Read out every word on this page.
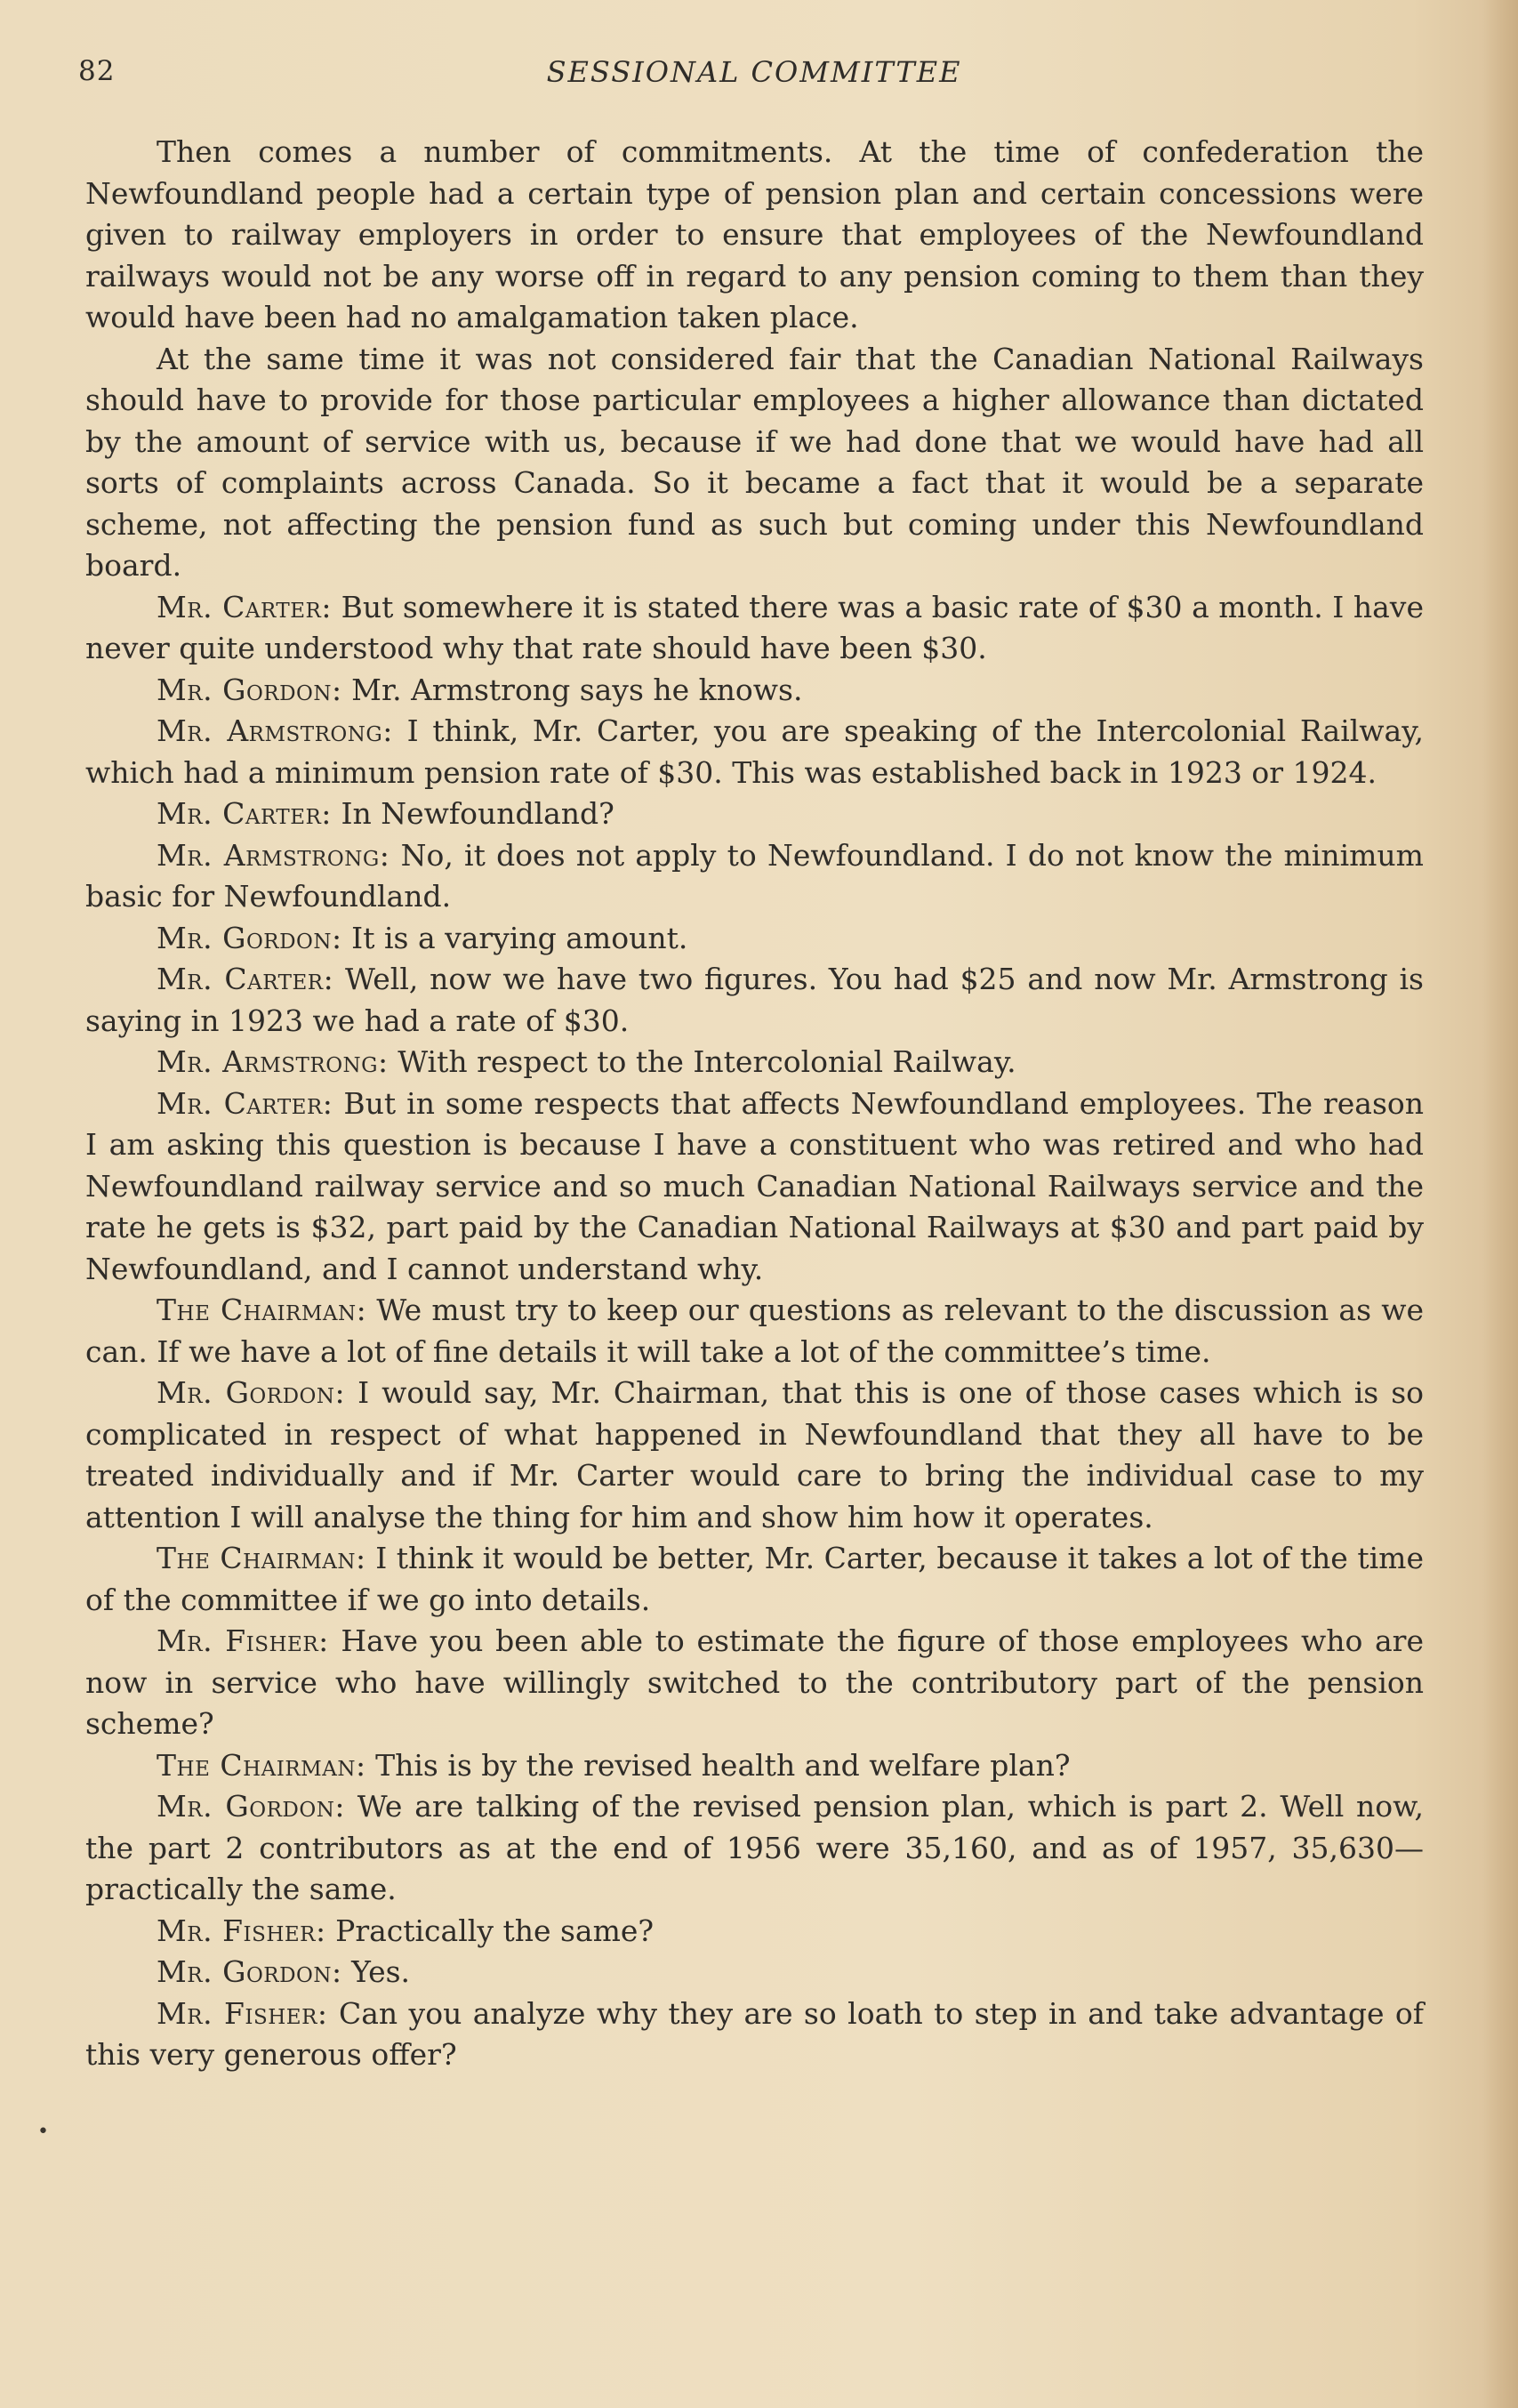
82	SESSIONAL COMMITTEE

Then comes a number of commitments. At the time of confederation the Newfoundland people had a certain type of pension plan and certain concessions were given to railway employers in order to ensure that employees of the Newfoundland railways would not be any worse off in regard to any pension coming to them than they would have been had no amalgamation taken place.

At the same time it was not considered fair that the Canadian National Railways should have to provide for those particular employees a higher allowance than dictated by the amount of service with us, because if we had done that we would have had all sorts of complaints across Canada. So it became a fact that it would be a separate scheme, not affecting the pension fund as such but coming under this Newfoundland board.

Mr. Carter: But somewhere it is stated there was a basic rate of $30 a month. I have never quite understood why that rate should have been $30.

Mr. Gordon: Mr. Armstrong says he knows.

Mr. Armstrong: I think, Mr. Carter, you are speaking of the Intercolonial Railway, which had a minimum pension rate of $30. This was established back in 1923 or 1924.

Mr. Carter: In Newfoundland?

Mr. Armstrong: No, it does not apply to Newfoundland. I do not know the minimum basic for Newfoundland.

Mr. Gordon: It is a varying amount.

Mr. Carter: Well, now we have two figures. You had $25 and now Mr. Armstrong is saying in 1923 we had a rate of $30.

Mr. Armstrong: With respect to the Intercolonial Railway.

Mr. Carter: But in some respects that affects Newfoundland employees. The reason I am asking this question is because I have a constituent who was retired and who had Newfoundland railway service and so much Canadian National Railways service and the rate he gets is $32, part paid by the Canadian National Railways at $30 and part paid by Newfoundland, and I cannot understand why.

The Chairman: We must try to keep our questions as relevant to the discussion as we can. If we have a lot of fine details it will take a lot of the committee’s time.

Mr. Gordon: I would say, Mr. Chairman, that this is one of those cases which is so complicated in respect of what happened in Newfoundland that they all have to be treated individually and if Mr. Carter would care to bring the individual case to my attention I will analyse the thing for him and show him how it operates.

The Chairman: I think it would be better, Mr. Carter, because it takes a lot of the time of the committee if we go into details.

Mr. Fisher: Have you been able to estimate the figure of those employees who are now in service who have willingly switched to the contributory part of the pension scheme?

The Chairman: This is by the revised health and welfare plan?

Mr. Gordon: We are talking of the revised pension plan, which is part 2. Well now, the part 2 contributors as at the end of 1956 were 35,160, and as of 1957, 35,630—practically the same.

Mr. Fisher: Practically the same?

Mr. Gordon: Yes.

Mr. Fisher: Can you analyze why they are so loath to step in and take advantage of this very generous offer?

•
